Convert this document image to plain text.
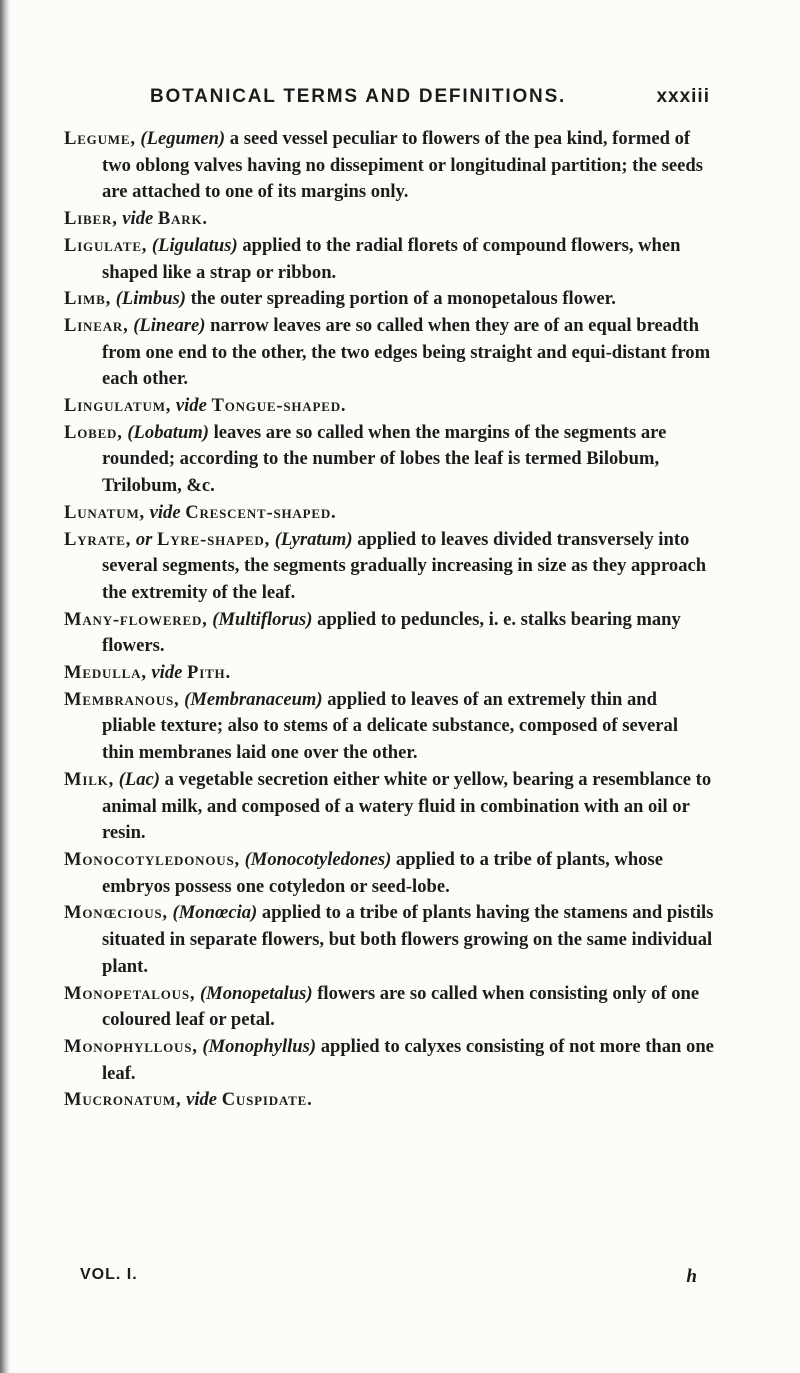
BOTANICAL TERMS AND DEFINITIONS.	xxxiii

Legume, (Legumen) a seed vessel peculiar to flowers of the pea kind, formed of two oblong valves having no dissepiment or longitudinal partition; the seeds are attached to one of its margins only.

Liber, vide Bark.

Ligulate, (Ligulatus) applied to the radial florets of compound flowers, when shaped like a strap or ribbon.

Limb, (Limbus) the outer spreading portion of a monopetalous flower.

Linear, (Lineare) narrow leaves are so called when they are of an equal breadth from one end to the other, the two edges being straight and equi-distant from each other.

Lingulatum, vide Tongue-shaped.

Lobed, (Lobatum) leaves are so called when the margins of the segments are rounded; according to the number of lobes the leaf is termed Bilobum, Trilobum, &c.

Lunatum, vide Crescent-shaped.

Lyrate, or Lyre-shaped, (Lyratum) applied to leaves divided transversely into several segments, the segments gradually increasing in size as they approach the extremity of the leaf.

Many-flowered, (Multiflorus) applied to peduncles, i. e. stalks bearing many flowers.

Medulla, vide Pith.

Membranous, (Membranaceum) applied to leaves of an extremely thin and pliable texture; also to stems of a delicate substance, composed of several thin membranes laid one over the other.

Milk, (Lac) a vegetable secretion either white or yellow, bearing a resemblance to animal milk, and composed of a watery fluid in combination with an oil or resin.

Monocotyledonous, (Monocotyledones) applied to a tribe of plants, whose embryos possess one cotyledon or seed-lobe.

Monœcious, (Monœcia) applied to a tribe of plants having the stamens and pistils situated in separate flowers, but both flowers growing on the same individual plant.

Monopetalous, (Monopetalus) flowers are so called when consisting only of one coloured leaf or petal.

Monophyllous, (Monophyllus) applied to calyxes consisting of not more than one leaf.

Mucronatum, vide Cuspidate.

VOL. I.	h
